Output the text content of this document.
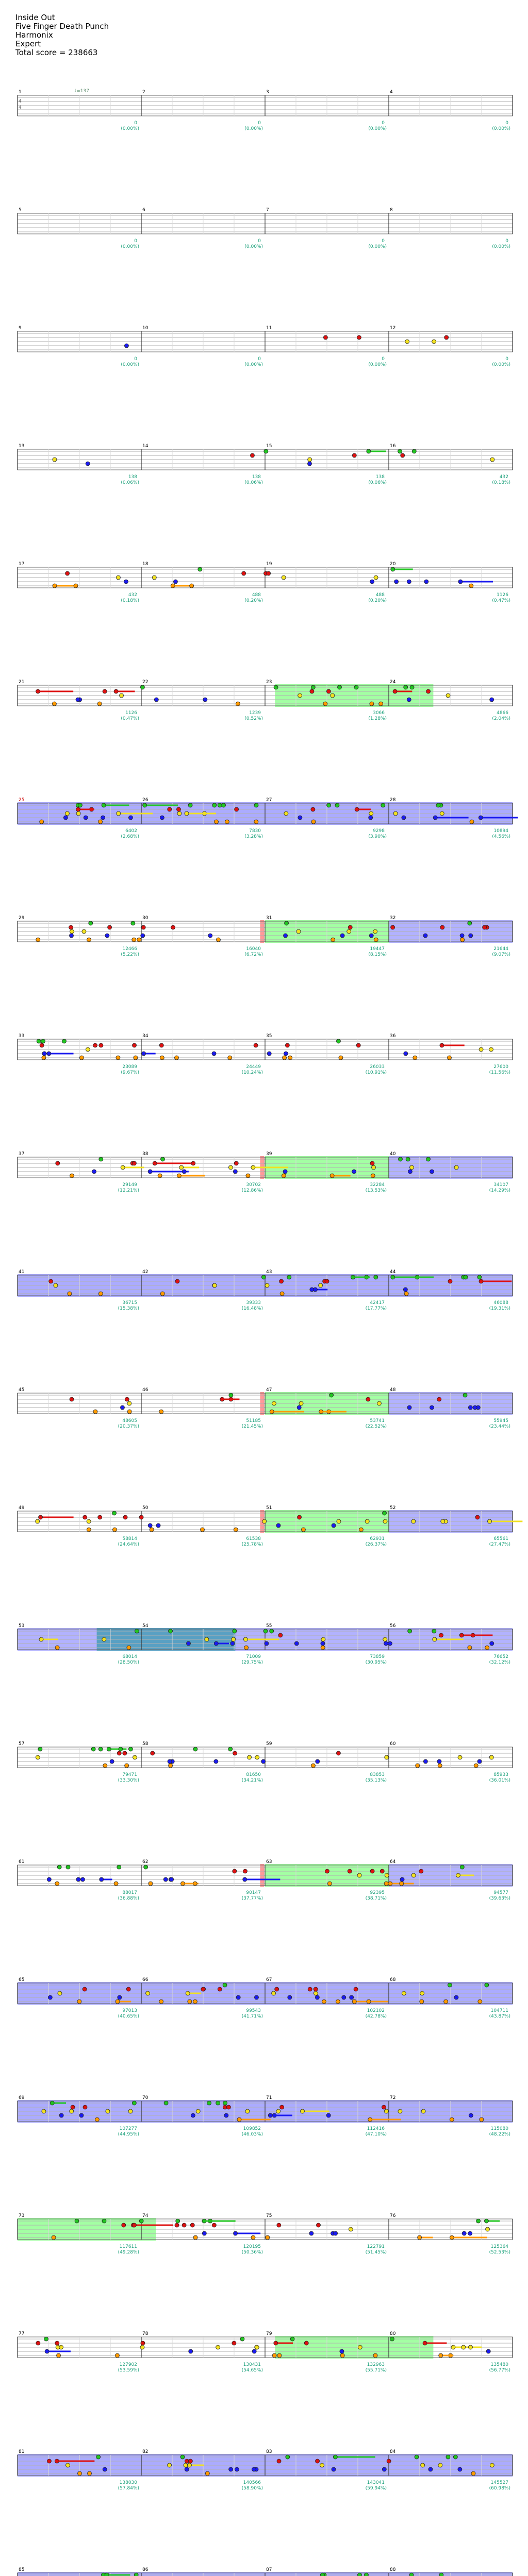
Inside Out
Five Finger Death Punch
Harmonix
Expert
Total score = 238663
4
4
♩=137
1
0
(0.00%)
2
0
(0.00%)
3
0
(0.00%)
4
0
(0.00%)
5
0
(0.00%)
6
0
(0.00%)
7
0
(0.00%)
8
0
(0.00%)
9
0
(0.00%)
10
0
(0.00%)
11
0
(0.00%)
12
0
(0.00%)
13
138
(0.06%)
14
138
(0.06%)
15
138
(0.06%)
16
432
(0.18%)
17
432
(0.18%)
18
488
(0.20%)
19
488
(0.20%)
20
1126
(0.47%)
21
1126
(0.47%)
22
1239
(0.52%)
23
3066
(1.28%)
24
4866
(2.04%)
25
6402
(2.68%)
26
7830
(3.28%)
27
9298
(3.90%)
28
10894
(4.56%)
29
12466
(5.22%)
30
16040
(6.72%)
31
19447
(8.15%)
32
21644
(9.07%)
33
23089
(9.67%)
34
24449
(10.24%)
35
26033
(10.91%)
36
27600
(11.56%)
37
29149
(12.21%)
38
30702
(12.86%)
39
32284
(13.53%)
40
34107
(14.29%)
41
36715
(15.38%)
42
39333
(16.48%)
43
42417
(17.77%)
44
46088
(19.31%)
45
48605
(20.37%)
46
51185
(21.45%)
47
53741
(22.52%)
48
55945
(23.44%)
49
58814
(24.64%)
50
61538
(25.78%)
51
62931
(26.37%)
52
65561
(27.47%)
53
68014
(28.50%)
54
71009
(29.75%)
55
73859
(30.95%)
56
76652
(32.12%)
57
79471
(33.30%)
58
81650
(34.21%)
59
83853
(35.13%)
60
85933
(36.01%)
61
88017
(36.88%)
62
90147
(37.77%)
63
92395
(38.71%)
64
94577
(39.63%)
65
97013
(40.65%)
66
99543
(41.71%)
67
102102
(42.78%)
68
104711
(43.87%)
69
107277
(44.95%)
70
109852
(46.03%)
71
112416
(47.10%)
72
115080
(48.22%)
73
117611
(49.28%)
74
120195
(50.36%)
75
122791
(51.45%)
76
125364
(52.53%)
77
127902
(53.59%)
78
130431
(54.65%)
79
132963
(55.71%)
80
135480
(56.77%)
81
138030
(57.84%)
82
140566
(58.90%)
83
143041
(59.94%)
84
145527
(60.98%)
85	86	87	88
